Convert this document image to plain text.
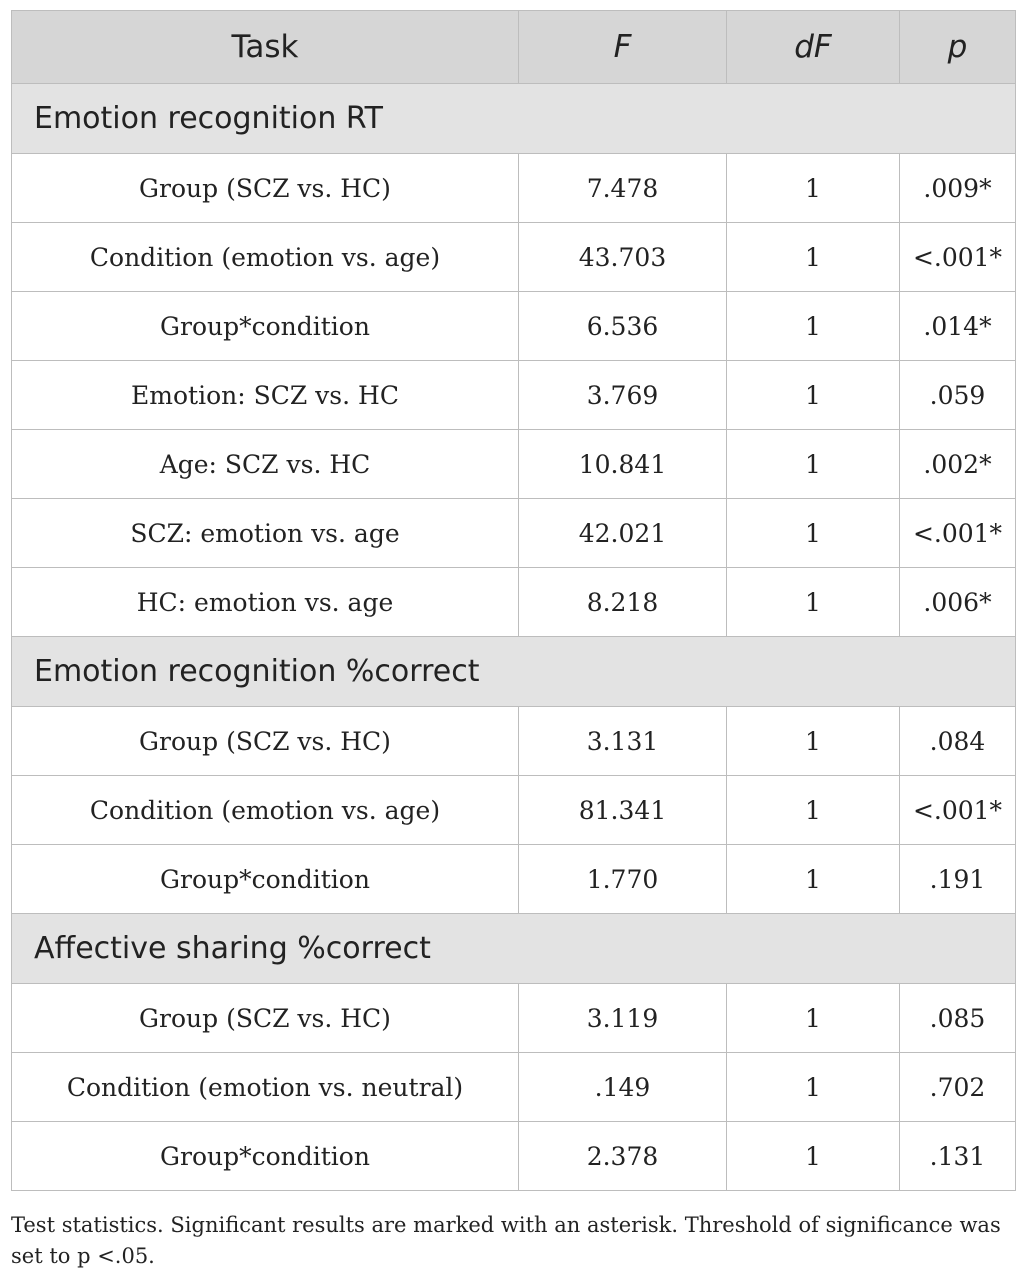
Task	F	dF	p
Emotion recognition RT			
Group (SCZ vs. HC)	7.478	1	.009*
Condition (emotion vs. age)	43.703	1	<.001*
Group*condition	6.536	1	.014*
Emotion: SCZ vs. HC	3.769	1	.059
Age: SCZ vs. HC	10.841	1	.002*
SCZ: emotion vs. age	42.021	1	<.001*
HC: emotion vs. age	8.218	1	.006*
Emotion recognition %correct			
Group (SCZ vs. HC)	3.131	1	.084
Condition (emotion vs. age)	81.341	1	<.001*
Group*condition	1.770	1	.191
Affective sharing %correct			
Group (SCZ vs. HC)	3.119	1	.085
Condition (emotion vs. neutral)	.149	1	.702
Group*condition	2.378	1	.131
Test statistics. Significant results are marked with an asterisk. Threshold of significance was set to p <.05.
